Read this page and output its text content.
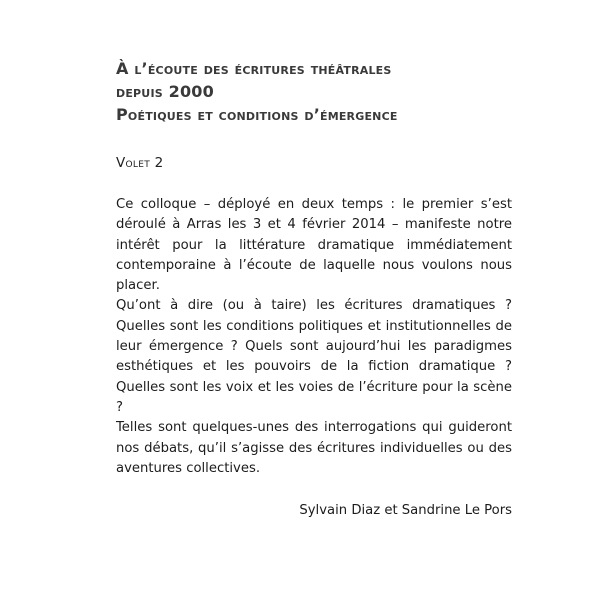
À l’écoute des écritures théâtrales
depuis 2000
Poétiques et conditions d’émergence
Volet 2

Ce colloque – déployé en deux temps : le premier s’est déroulé à Arras les 3 et 4 février 2014 – manifeste notre intérêt pour la littérature dramatique immédiatement contemporaine à l’écoute de laquelle nous voulons nous placer.

Qu’ont à dire (ou à taire) les écritures dramatiques ? Quelles sont les conditions politiques et institutionnelles de leur émergence ? Quels sont aujourd’hui les paradigmes esthétiques et les pouvoirs de la fiction dramatique ? Quelles sont les voix et les voies de l’écriture pour la scène ?

Telles sont quelques-unes des interrogations qui guideront nos débats, qu’il s’agisse des écritures individuelles ou des aventures collectives.

Sylvain Diaz et Sandrine Le Pors
